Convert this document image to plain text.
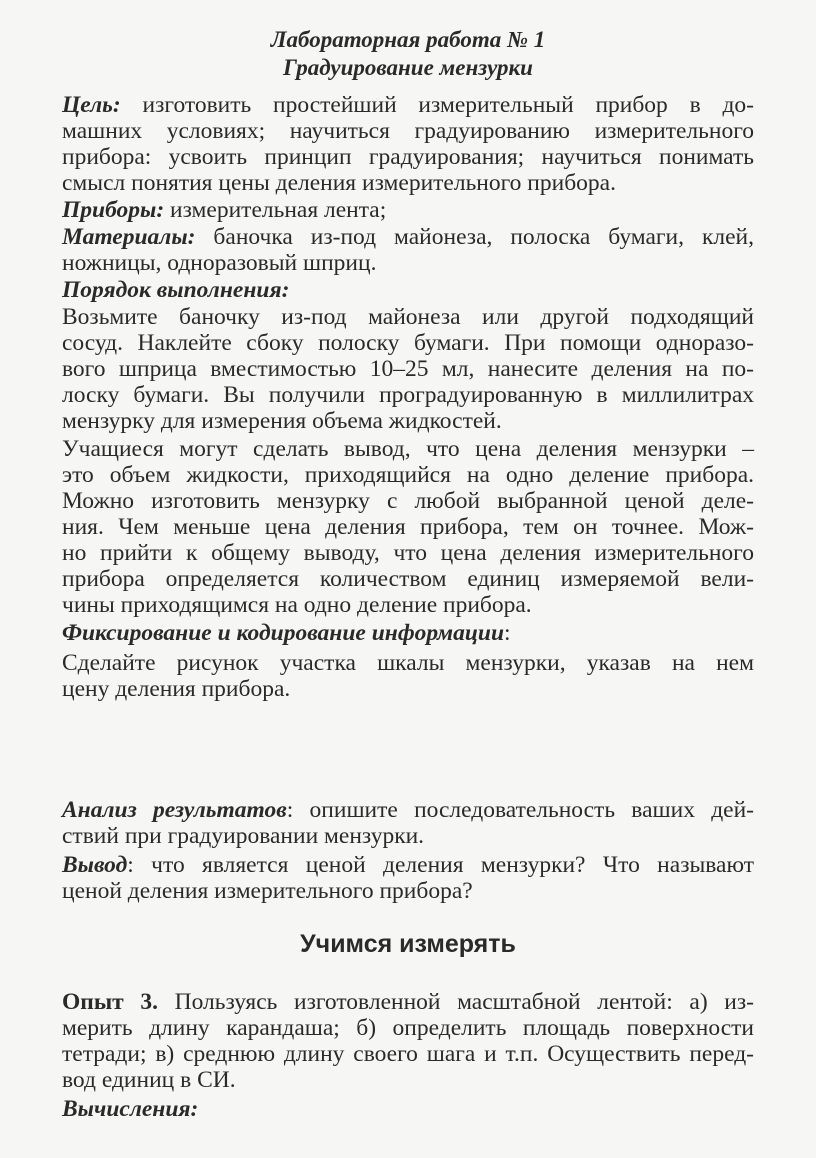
Лабораторная работа № 1
Градуирование мензурки
Цель: изготовить простейший измерительный прибор в до-
машних условиях; научиться градуированию измерительного
прибора: усвоить принцип градуирования; научиться понимать
смысл понятия цены деления измерительного прибора.
Приборы: измерительная лента;
Материалы: баночка из-под майонеза, полоска бумаги, клей,
ножницы, одноразовый шприц.
Порядок выполнения:
Возьмите баночку из-под майонеза или другой подходящий
сосуд. Наклейте сбоку полоску бумаги. При помощи одноразо-
вого шприца вместимостью 10–25 мл, нанесите деления на по-
лоску бумаги. Вы получили проградуированную в миллилитрах
мензурку для измерения объема жидкостей.
Учащиеся могут сделать вывод, что цена деления мензурки –
это объем жидкости, приходящийся на одно деление прибора.
Можно изготовить мензурку с любой выбранной ценой деле-
ния. Чем меньше цена деления прибора, тем он точнее. Мож-
но прийти к общему выводу, что цена деления измерительного
прибора определяется количеством единиц измеряемой вели-
чины приходящимся на одно деление прибора.
Фиксирование и кодирование информации:
Сделайте рисунок участка шкалы мензурки, указав на нем
цену деления прибора.
Анализ результатов: опишите последовательность ваших дей-
ствий при градуировании мензурки.
Вывод: что является ценой деления мензурки? Что называют
ценой деления измерительного прибора?
Учимся измерять
Опыт 3. Пользуясь изготовленной масштабной лентой: а) из-
мерить длину карандаша; б) определить площадь поверхности
тетради; в) среднюю длину своего шага и т.п. Осуществить перед-
вод единиц в СИ.
Вычисления:
